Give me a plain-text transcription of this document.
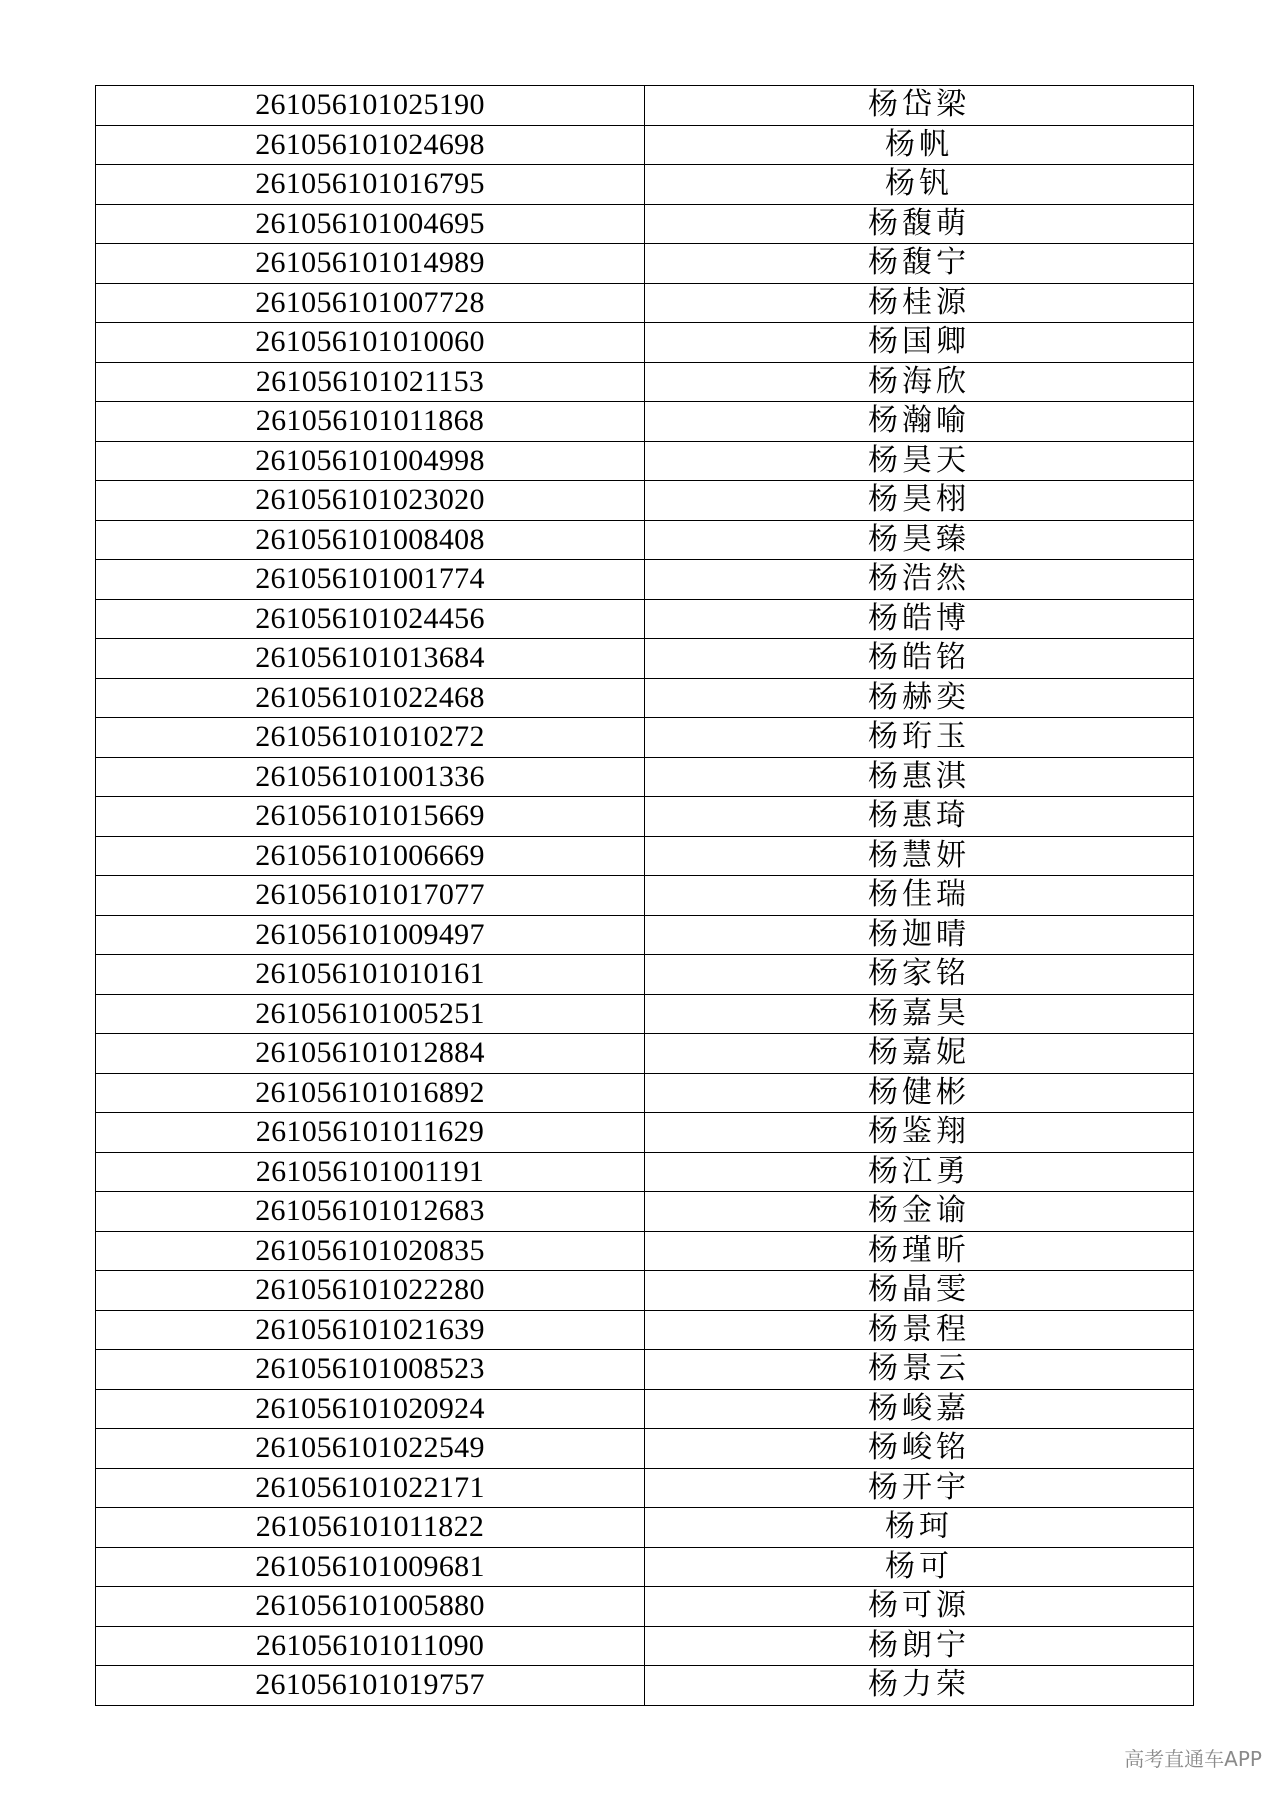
261056101025190	杨岱梁
261056101024698	杨帆
261056101016795	杨钒
261056101004695	杨馥萌
261056101014989	杨馥宁
261056101007728	杨桂源
261056101010060	杨国卿
261056101021153	杨海欣
261056101011868	杨瀚喻
261056101004998	杨昊天
261056101023020	杨昊栩
261056101008408	杨昊臻
261056101001774	杨浩然
261056101024456	杨皓博
261056101013684	杨皓铭
261056101022468	杨赫奕
261056101010272	杨珩玉
261056101001336	杨惠淇
261056101015669	杨惠琦
261056101006669	杨慧妍
261056101017077	杨佳瑞
261056101009497	杨迦晴
261056101010161	杨家铭
261056101005251	杨嘉昊
261056101012884	杨嘉妮
261056101016892	杨健彬
261056101011629	杨鉴翔
261056101001191	杨江勇
261056101012683	杨金谕
261056101020835	杨瑾昕
261056101022280	杨晶雯
261056101021639	杨景程
261056101008523	杨景云
261056101020924	杨峻嘉
261056101022549	杨峻铭
261056101022171	杨开宇
261056101011822	杨珂
261056101009681	杨可
261056101005880	杨可源
261056101011090	杨朗宁
261056101019757	杨力荣
高考直通车APP
